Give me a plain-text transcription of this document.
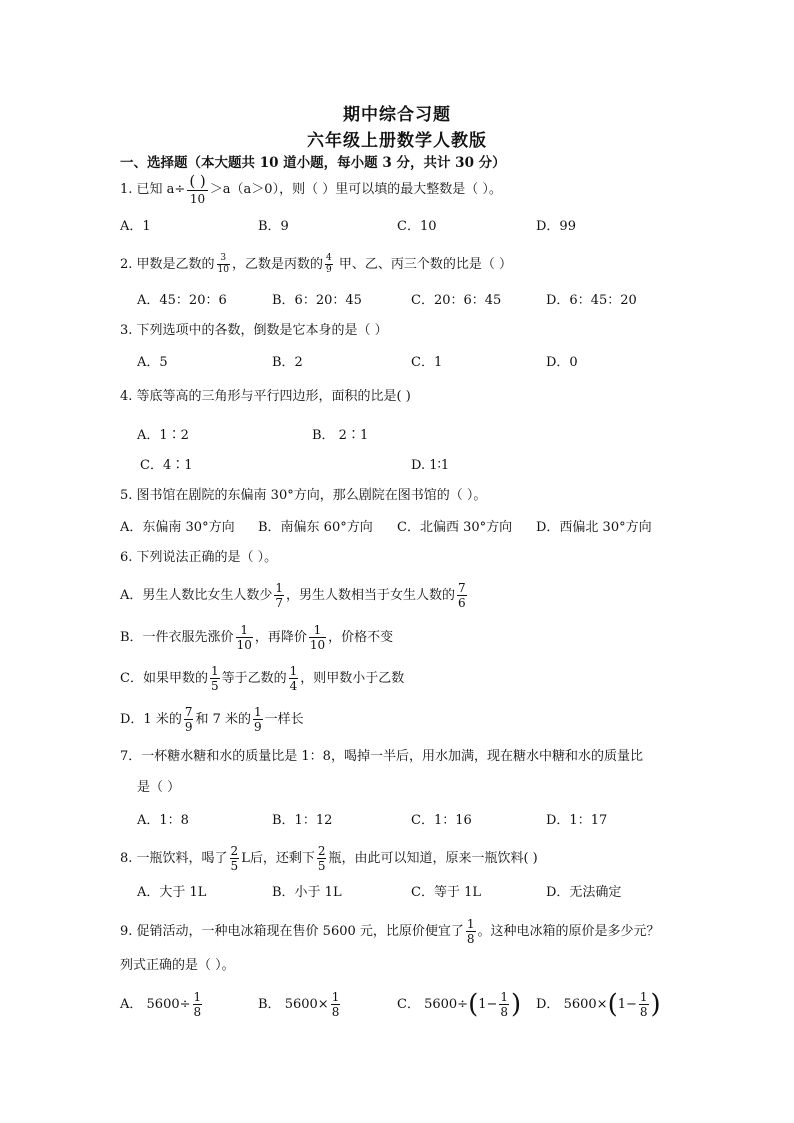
期中综合习题
六年级上册数学人教版
一、选择题（本大题共 10 道小题，每小题 3 分，共计 30 分）
1. 已知 $a\div \frac{( )}{10} >a(a>0)$，则（ ）里可以填的最大整数是（ ）。
A．1	B．9	C．10	D．99
2. 甲数是乙数的 $\frac{3}{10}$ ，乙数是丙数的 $\frac{4}{9}$ 甲、乙、丙三个数的比是（ ）
A．45：20：6	B．6：20：45	C．20：6：45	D．6：45：20
3. 下列选项中的各数，倒数是它本身的是（ ）
A．5	B．2	C．1	D．0
4. 等底等高的三角形与平行四边形，面积的比是( )
A．1∶2	B． 2∶1
C．4∶1	D. 1∶1
5. 图书馆在剧院的东偏南 30°方向，那么剧院在图书馆的（ ）。
A．东偏南 30°方向 B．南偏东 60°方向 C．北偏西 30°方向 D．西偏北 30°方向
6. 下列说法正确的是（ ）。
A．男生人数比女生人数少 $\frac{1}{7}$ ，男生人数相当于女生人数的 $\frac{7}{6}$
B．一件衣服先涨价 $\frac{1}{10}$ ，再降价 $\frac{1}{10}$ ，价格不变
C．如果甲数的 $\frac{1}{5}$ 等于乙数的 $\frac{1}{4}$ ，则甲数小于乙数
D．1 米的 $\frac{7}{9}$ 和 7 米的 $\frac{1}{9}$ 一样长
7．一杯糖水糖和水的质量比是 1：8，喝掉一半后，用水加满，现在糖水中糖和水的质量比
是（ ）
A．1：8	B．1：12	C．1：16	D．1：17
8. 一瓶饮料，喝了 $\frac{2}{5}$ L后，还剩下 $\frac{2}{5}$ 瓶，由此可以知道，原来一瓶饮料( )
A．大于 1L	B．小于 1L	C．等于 1L	D．无法确定
9. 促销活动，一种电冰箱现在售价 5600 元，比原价便宜了 $\frac{1}{8}$ 。这种电冰箱的原价是多少元？
列式正确的是（ ）。
A． $5600\div \frac{1}{8}$	B． $5600\times \frac{1}{8}$	C． $5600\div(1- \frac{1}{8}$ ) D． $5600\times(1- \frac{1}{8}$ )
